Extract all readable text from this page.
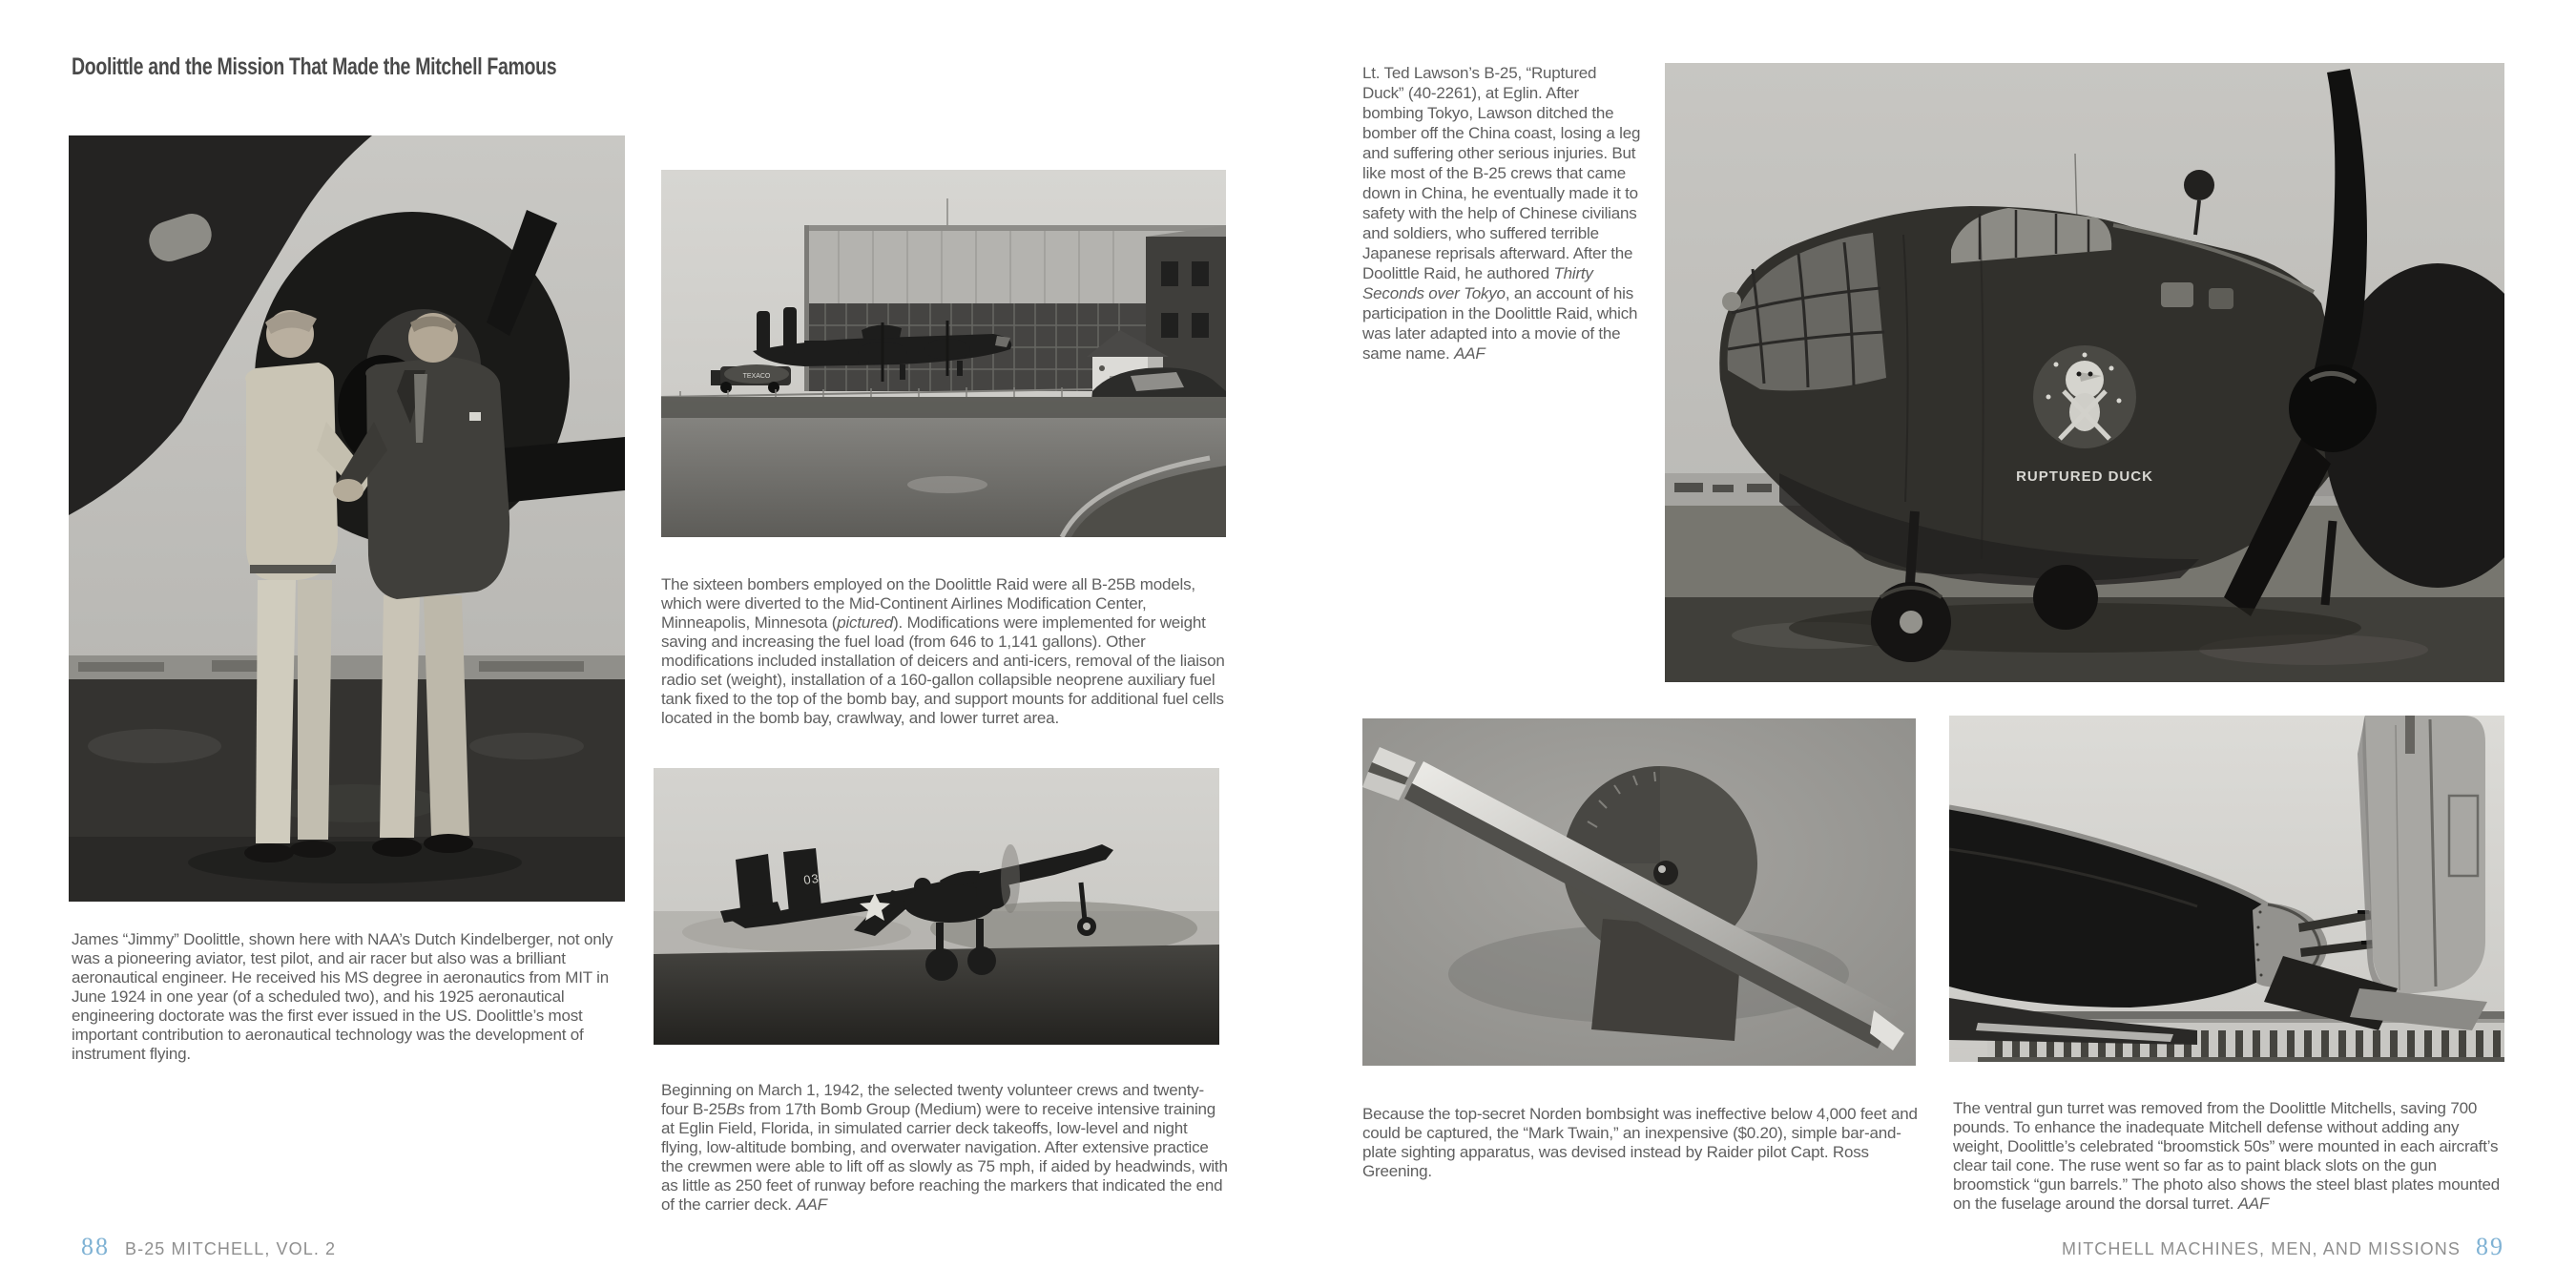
Doolittle and the Mission That Made the Mitchell Famous

James “Jimmy” Doolittle, shown here with NAA’s Dutch Kindelberger, not only was a pioneering aviator, test pilot, and air racer but also was a brilliant aeronautical engineer. He received his MS degree in aeronautics from MIT in June 1924 in one year (of a scheduled two), and his 1925 aeronautical engineering doctorate was the first ever issued in the US. Doolittle’s most important contribution to aeronautical technology was the development of instrument flying.

TEXACO

The sixteen bombers employed on the Doolittle Raid were all B-25B models, which were diverted to the Mid-Continent Airlines Modification Center, Minneapolis, Minnesota (pictured). Modifications were implemented for weight saving and increasing the fuel load (from 646 to 1,141 gallons). Other modifications included installation of deicers and anti-icers, removal of the liaison radio set (weight), installation of a 160-gallon collapsible neoprene auxiliary fuel tank fixed to the top of the bomb bay, and support mounts for additional fuel cells located in the bomb bay, crawlway, and lower turret area.

03365

Beginning on March 1, 1942, the selected twenty volunteer crews and twenty-four B-25Bs from 17th Bomb Group (Medium) were to receive intensive training at Eglin Field, Florida, in simulated carrier deck takeoffs, low-level and night flying, low-altitude bombing, and overwater navigation. After extensive practice the crewmen were able to lift off as slowly as 75 mph, if aided by headwinds, with as little as 250 feet of runway before reaching the markers that indicated the end of the carrier deck. AAF

88 B-25 MITCHELL, VOL. 2

Lt. Ted Lawson’s B-25, “Ruptured Duck” (40-2261), at Eglin. After bombing Tokyo, Lawson ditched the bomber off the China coast, losing a leg and suffering other serious injuries. But like most of the B-25 crews that came down in China, he eventually made it to safety with the help of Chinese civilians and soldiers, who suffered terrible Japanese reprisals afterward. After the Doolittle Raid, he authored Thirty Seconds over Tokyo, an account of his participation in the Doolittle Raid, which was later adapted into a movie of the same name. AAF

RUPTURED DUCK

Because the top-secret Norden bombsight was ineffective below 4,000 feet and could be captured, the “Mark Twain,” an inexpensive ($0.20), simple bar-and-plate sighting apparatus, was devised instead by Raider pilot Capt. Ross Greening.

The ventral gun turret was removed from the Doolittle Mitchells, saving 700 pounds. To enhance the inadequate Mitchell defense without adding any weight, Doolittle’s celebrated “broomstick 50s” were mounted in each aircraft’s clear tail cone. The ruse went so far as to paint black slots on the gun broomstick “gun barrels.” The photo also shows the steel blast plates mounted on the fuselage around the dorsal turret. AAF

MITCHELL MACHINES, MEN, AND MISSIONS 89
